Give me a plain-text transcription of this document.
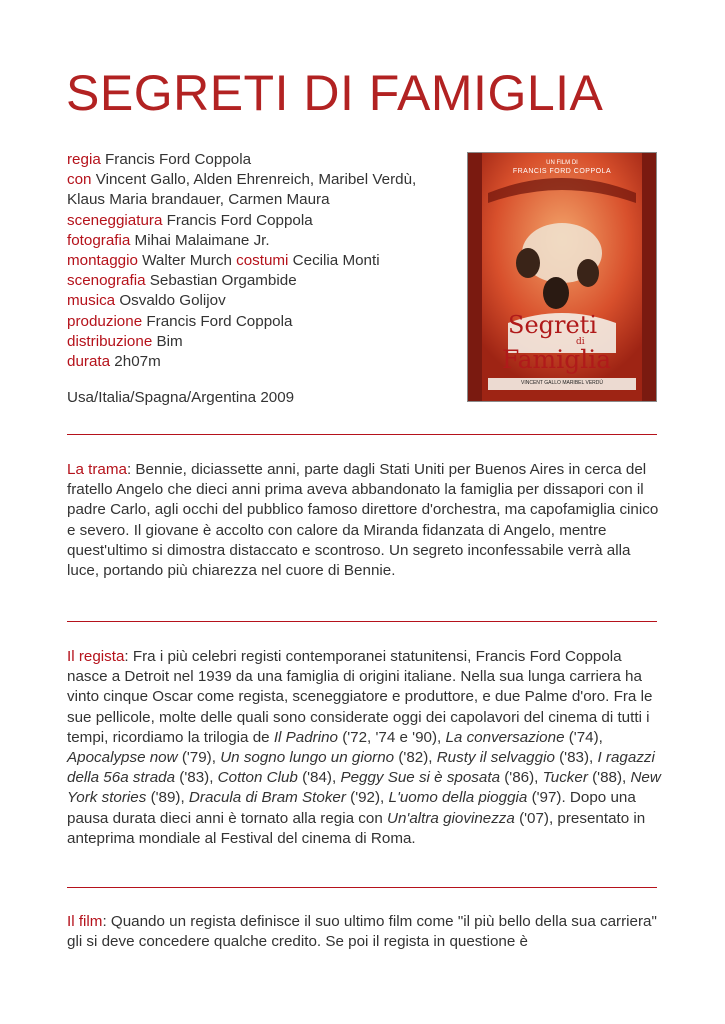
SEGRETI DI FAMIGLIA
regia Francis Ford Coppola
con Vincent Gallo, Alden Ehrenreich, Maribel Verdù,
Klaus Maria brandauer, Carmen Maura
sceneggiatura Francis Ford Coppola
fotografia Mihai Malaimane Jr.
montaggio Walter Murch costumi Cecilia Monti
scenografia Sebastian Orgambide
musica Osvaldo Golijov
produzione Francis Ford Coppola
distribuzione Bim
durata 2h07m
Usa/Italia/Spagna/Argentina 2009
UN FILM DI
FRANCIS FORD COPPOLA
Segreti
di
Famiglia
VINCENT GALLO MARIBEL VERDÚ

La trama: Bennie, diciassette anni, parte dagli Stati Uniti per Buenos Aires in cerca del fratello Angelo che dieci anni prima aveva abbandonato la famiglia per dissapori con il padre Carlo, agli occhi del pubblico famoso direttore d'orchestra, ma capofamiglia cinico e severo. Il giovane è accolto con calore da Miranda fidanzata di Angelo, mentre quest'ultimo si dimostra distaccato e scontroso. Un segreto inconfessabile verrà alla luce, portando più chiarezza nel cuore di Bennie.

Il regista: Fra i più celebri registi contemporanei statunitensi, Francis Ford Coppola nasce a Detroit nel 1939 da una famiglia di origini italiane. Nella sua lunga carriera ha vinto cinque Oscar come regista, sceneggiatore e produttore, e due Palme d'oro. Fra le sue pellicole, molte delle quali sono considerate oggi dei capolavori del cinema di tutti i tempi, ricordiamo la trilogia de Il Padrino ('72, '74 e '90), La conversazione ('74), Apocalypse now ('79), Un sogno lungo un giorno ('82), Rusty il selvaggio ('83), I ragazzi della 56a strada ('83), Cotton Club ('84), Peggy Sue si è sposata ('86), Tucker ('88), New York stories ('89), Dracula di Bram Stoker ('92), L'uomo della pioggia ('97). Dopo una pausa durata dieci anni è tornato alla regia con Un'altra giovinezza ('07), presentato in anteprima mondiale al Festival del cinema di Roma.

Il film: Quando un regista definisce il suo ultimo film come "il più bello della sua carriera" gli si deve concedere qualche credito. Se poi il regista in questione è
